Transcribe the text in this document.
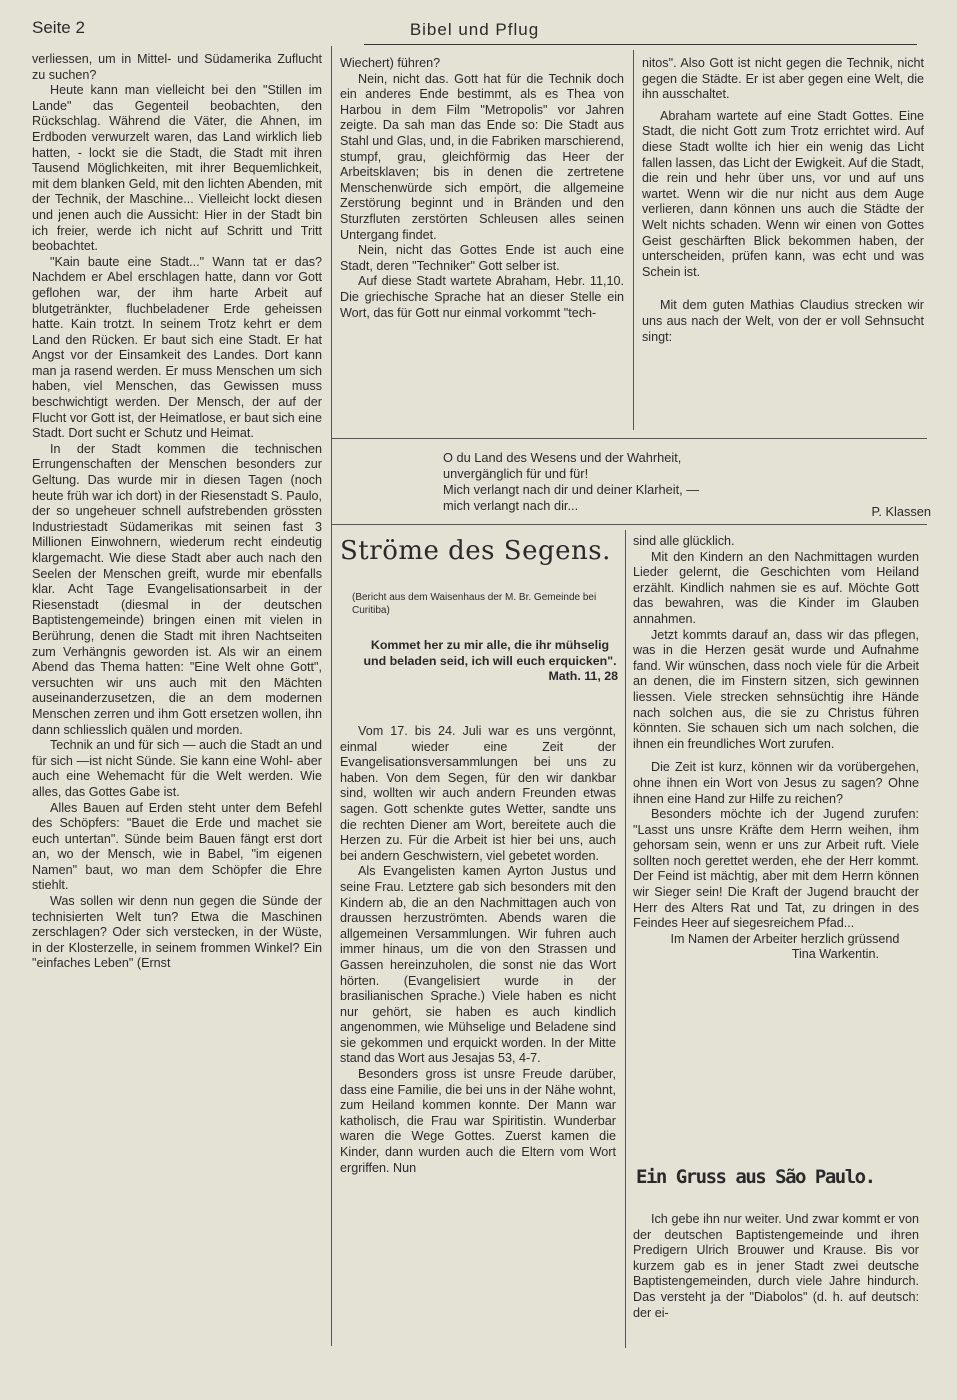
Seite 2	Bibel und Pflug

verliessen, um in Mittel- und Südamerika Zuflucht zu suchen?

Heute kann man vielleicht bei den "Stillen im Lande" das Gegenteil beobachten, den Rückschlag. Während die Väter, die Ahnen, im Erdboden verwurzelt waren, das Land wirklich lieb hatten, - lockt sie die Stadt, die Stadt mit ihren Tausend Möglichkeiten, mit ihrer Bequemlichkeit, mit dem blanken Geld, mit den lichten Abenden, mit der Technik, der Maschine... Vielleicht lockt diesen und jenen auch die Aussicht: Hier in der Stadt bin ich freier, werde ich nicht auf Schritt und Tritt beobachtet.

"Kain baute eine Stadt..." Wann tat er das? Nachdem er Abel erschlagen hatte, dann vor Gott geflohen war, der ihm harte Arbeit auf blutgetränkter, fluchbeladener Erde geheissen hatte. Kain trotzt. In seinem Trotz kehrt er dem Land den Rücken. Er baut sich eine Stadt. Er hat Angst vor der Einsamkeit des Landes. Dort kann man ja rasend werden. Er muss Menschen um sich haben, viel Menschen, das Gewissen muss beschwichtigt werden. Der Mensch, der auf der Flucht vor Gott ist, der Heimatlose, er baut sich eine Stadt. Dort sucht er Schutz und Heimat.

In der Stadt kommen die technischen Errungenschaften der Menschen besonders zur Geltung. Das wurde mir in diesen Tagen (noch heute früh war ich dort) in der Riesenstadt S. Paulo, der so ungeheuer schnell aufstrebenden grössten Industriestadt Südamerikas mit seinen fast 3 Millionen Einwohnern, wiederum recht eindeutig klargemacht. Wie diese Stadt aber auch nach den Seelen der Menschen greift, wurde mir ebenfalls klar. Acht Tage Evangelisationsarbeit in der Riesenstadt (diesmal in der deutschen Baptistengemeinde) bringen einen mit vielen in Berührung, denen die Stadt mit ihren Nachtseiten zum Verhängnis geworden ist. Als wir an einem Abend das Thema hatten: "Eine Welt ohne Gott", versuchten wir uns auch mit den Mächten auseinanderzusetzen, die an dem modernen Menschen zerren und ihm Gott ersetzen wollen, ihn dann schliesslich quälen und morden.

Technik an und für sich — auch die Stadt an und für sich —ist nicht Sünde. Sie kann eine Wohl- aber auch eine Wehemacht für die Welt werden. Wie alles, das Gottes Gabe ist.

Alles Bauen auf Erden steht unter dem Befehl des Schöpfers: "Bauet die Erde und machet sie euch untertan". Sünde beim Bauen fängt erst dort an, wo der Mensch, wie in Babel, "im eigenen Namen" baut, wo man dem Schöpfer die Ehre stiehlt.

Was sollen wir denn nun gegen die Sünde der technisierten Welt tun? Etwa die Maschinen zerschlagen? Oder sich verstecken, in der Wüste, in der Klosterzelle, in seinem frommen Winkel? Ein "einfaches Leben" (Ernst

Wiechert) führen?

Nein, nicht das. Gott hat für die Technik doch ein anderes Ende bestimmt, als es Thea von Harbou in dem Film "Metropolis" vor Jahren zeigte. Da sah man das Ende so: Die Stadt aus Stahl und Glas, und, in die Fabriken marschierend, stumpf, grau, gleichförmig das Heer der Arbeitsklaven; bis in denen die zertretene Menschenwürde sich empört, die allgemeine Zerstörung beginnt und in Bränden und den Sturzfluten zerstörten Schleusen alles seinen Untergang findet.

Nein, nicht das Gottes Ende ist auch eine Stadt, deren "Techniker" Gott selber ist.

Auf diese Stadt wartete Abraham, Hebr. 11,10. Die griechische Sprache hat an dieser Stelle ein Wort, das für Gott nur einmal vorkommt "tech-

nitos". Also Gott ist nicht gegen die Technik, nicht gegen die Städte. Er ist aber gegen eine Welt, die ihn ausschaltet.

Abraham wartete auf eine Stadt Gottes. Eine Stadt, die nicht Gott zum Trotz errichtet wird. Auf diese Stadt wollte ich hier ein wenig das Licht fallen lassen, das Licht der Ewigkeit. Auf die Stadt, die rein und hehr über uns, vor und auf uns wartet. Wenn wir die nur nicht aus dem Auge verlieren, dann können uns auch die Städte der Welt nichts schaden. Wenn wir einen von Gottes Geist geschärften Blick bekommen haben, der unterscheiden, prüfen kann, was echt und was Schein ist.

Mit dem guten Mathias Claudius strecken wir uns aus nach der Welt, von der er voll Sehnsucht singt:

O du Land des Wesens und der Wahrheit,
unvergänglich für und für!
Mich verlangt nach dir und deiner Klarheit, —
mich verlangt nach dir...	P. Klassen
Ströme des Segens.
(Bericht aus dem Waisenhaus der M. Br. Gemeinde bei Curitiba)
Kommet her zu mir alle, die ihr mühselig und beladen seid, ich will euch erquicken".
Math. 11, 28

Vom 17. bis 24. Juli war es uns vergönnt, einmal wieder eine Zeit der Evangelisationsversammlungen bei uns zu haben. Von dem Segen, für den wir dankbar sind, wollten wir auch andern Freunden etwas sagen. Gott schenkte gutes Wetter, sandte uns die rechten Diener am Wort, bereitete auch die Herzen zu. Für die Arbeit ist hier bei uns, auch bei andern Geschwistern, viel gebetet worden.

Als Evangelisten kamen Ayrton Justus und seine Frau. Letztere gab sich besonders mit den Kindern ab, die an den Nachmittagen auch von draussen herzuströmten. Abends waren die allgemeinen Versammlungen. Wir fuhren auch immer hinaus, um die von den Strassen und Gassen hereinzuholen, die sonst nie das Wort hörten. (Evangelisiert wurde in der brasilianischen Sprache.) Viele haben es nicht nur gehört, sie haben es auch kindlich angenommen, wie Mühselige und Beladene sind sie gekommen und erquickt worden. In der Mitte stand das Wort aus Jesajas 53, 4-7.

Besonders gross ist unsre Freude darüber, dass eine Familie, die bei uns in der Nähe wohnt, zum Heiland kommen konnte. Der Mann war katholisch, die Frau war Spiritistin. Wunderbar waren die Wege Gottes. Zuerst kamen die Kinder, dann wurden auch die Eltern vom Wort ergriffen. Nun

sind alle glücklich.

Mit den Kindern an den Nachmittagen wurden Lieder gelernt, die Geschichten vom Heiland erzählt. Kindlich nahmen sie es auf. Möchte Gott das bewahren, was die Kinder im Glauben annahmen.

Jetzt kommts darauf an, dass wir das pflegen, was in die Herzen gesät wurde und Aufnahme fand. Wir wünschen, dass noch viele für die Arbeit an denen, die im Finstern sitzen, sich gewinnen liessen. Viele strecken sehnsüchtig ihre Hände nach solchen aus, die sie zu Christus führen könnten. Sie schauen sich um nach solchen, die ihnen ein freundliches Wort zurufen.

Die Zeit ist kurz, können wir da vorübergehen, ohne ihnen ein Wort von Jesus zu sagen? Ohne ihnen eine Hand zur Hilfe zu reichen?

Besonders möchte ich der Jugend zurufen: "Lasst uns unsre Kräfte dem Herrn weihen, ihm gehorsam sein, wenn er uns zur Arbeit ruft. Viele sollten noch gerettet werden, ehe der Herr kommt. Der Feind ist mächtig, aber mit dem Herrn können wir Sieger sein! Die Kraft der Jugend braucht der Herr des Alters Rat und Tat, zu dringen in des Feindes Heer auf siegesreichem Pfad...

Im Namen der Arbeiter herzlich grüssend

Tina Warkentin.
Ein Gruss aus São Paulo.

Ich gebe ihn nur weiter. Und zwar kommt er von der deutschen Baptistengemeinde und ihren Predigern Ulrich Brouwer und Krause. Bis vor kurzem gab es in jener Stadt zwei deutsche Baptistengemeinden, durch viele Jahre hindurch. Das versteht ja der "Diabolos" (d. h. auf deutsch: der ei-
